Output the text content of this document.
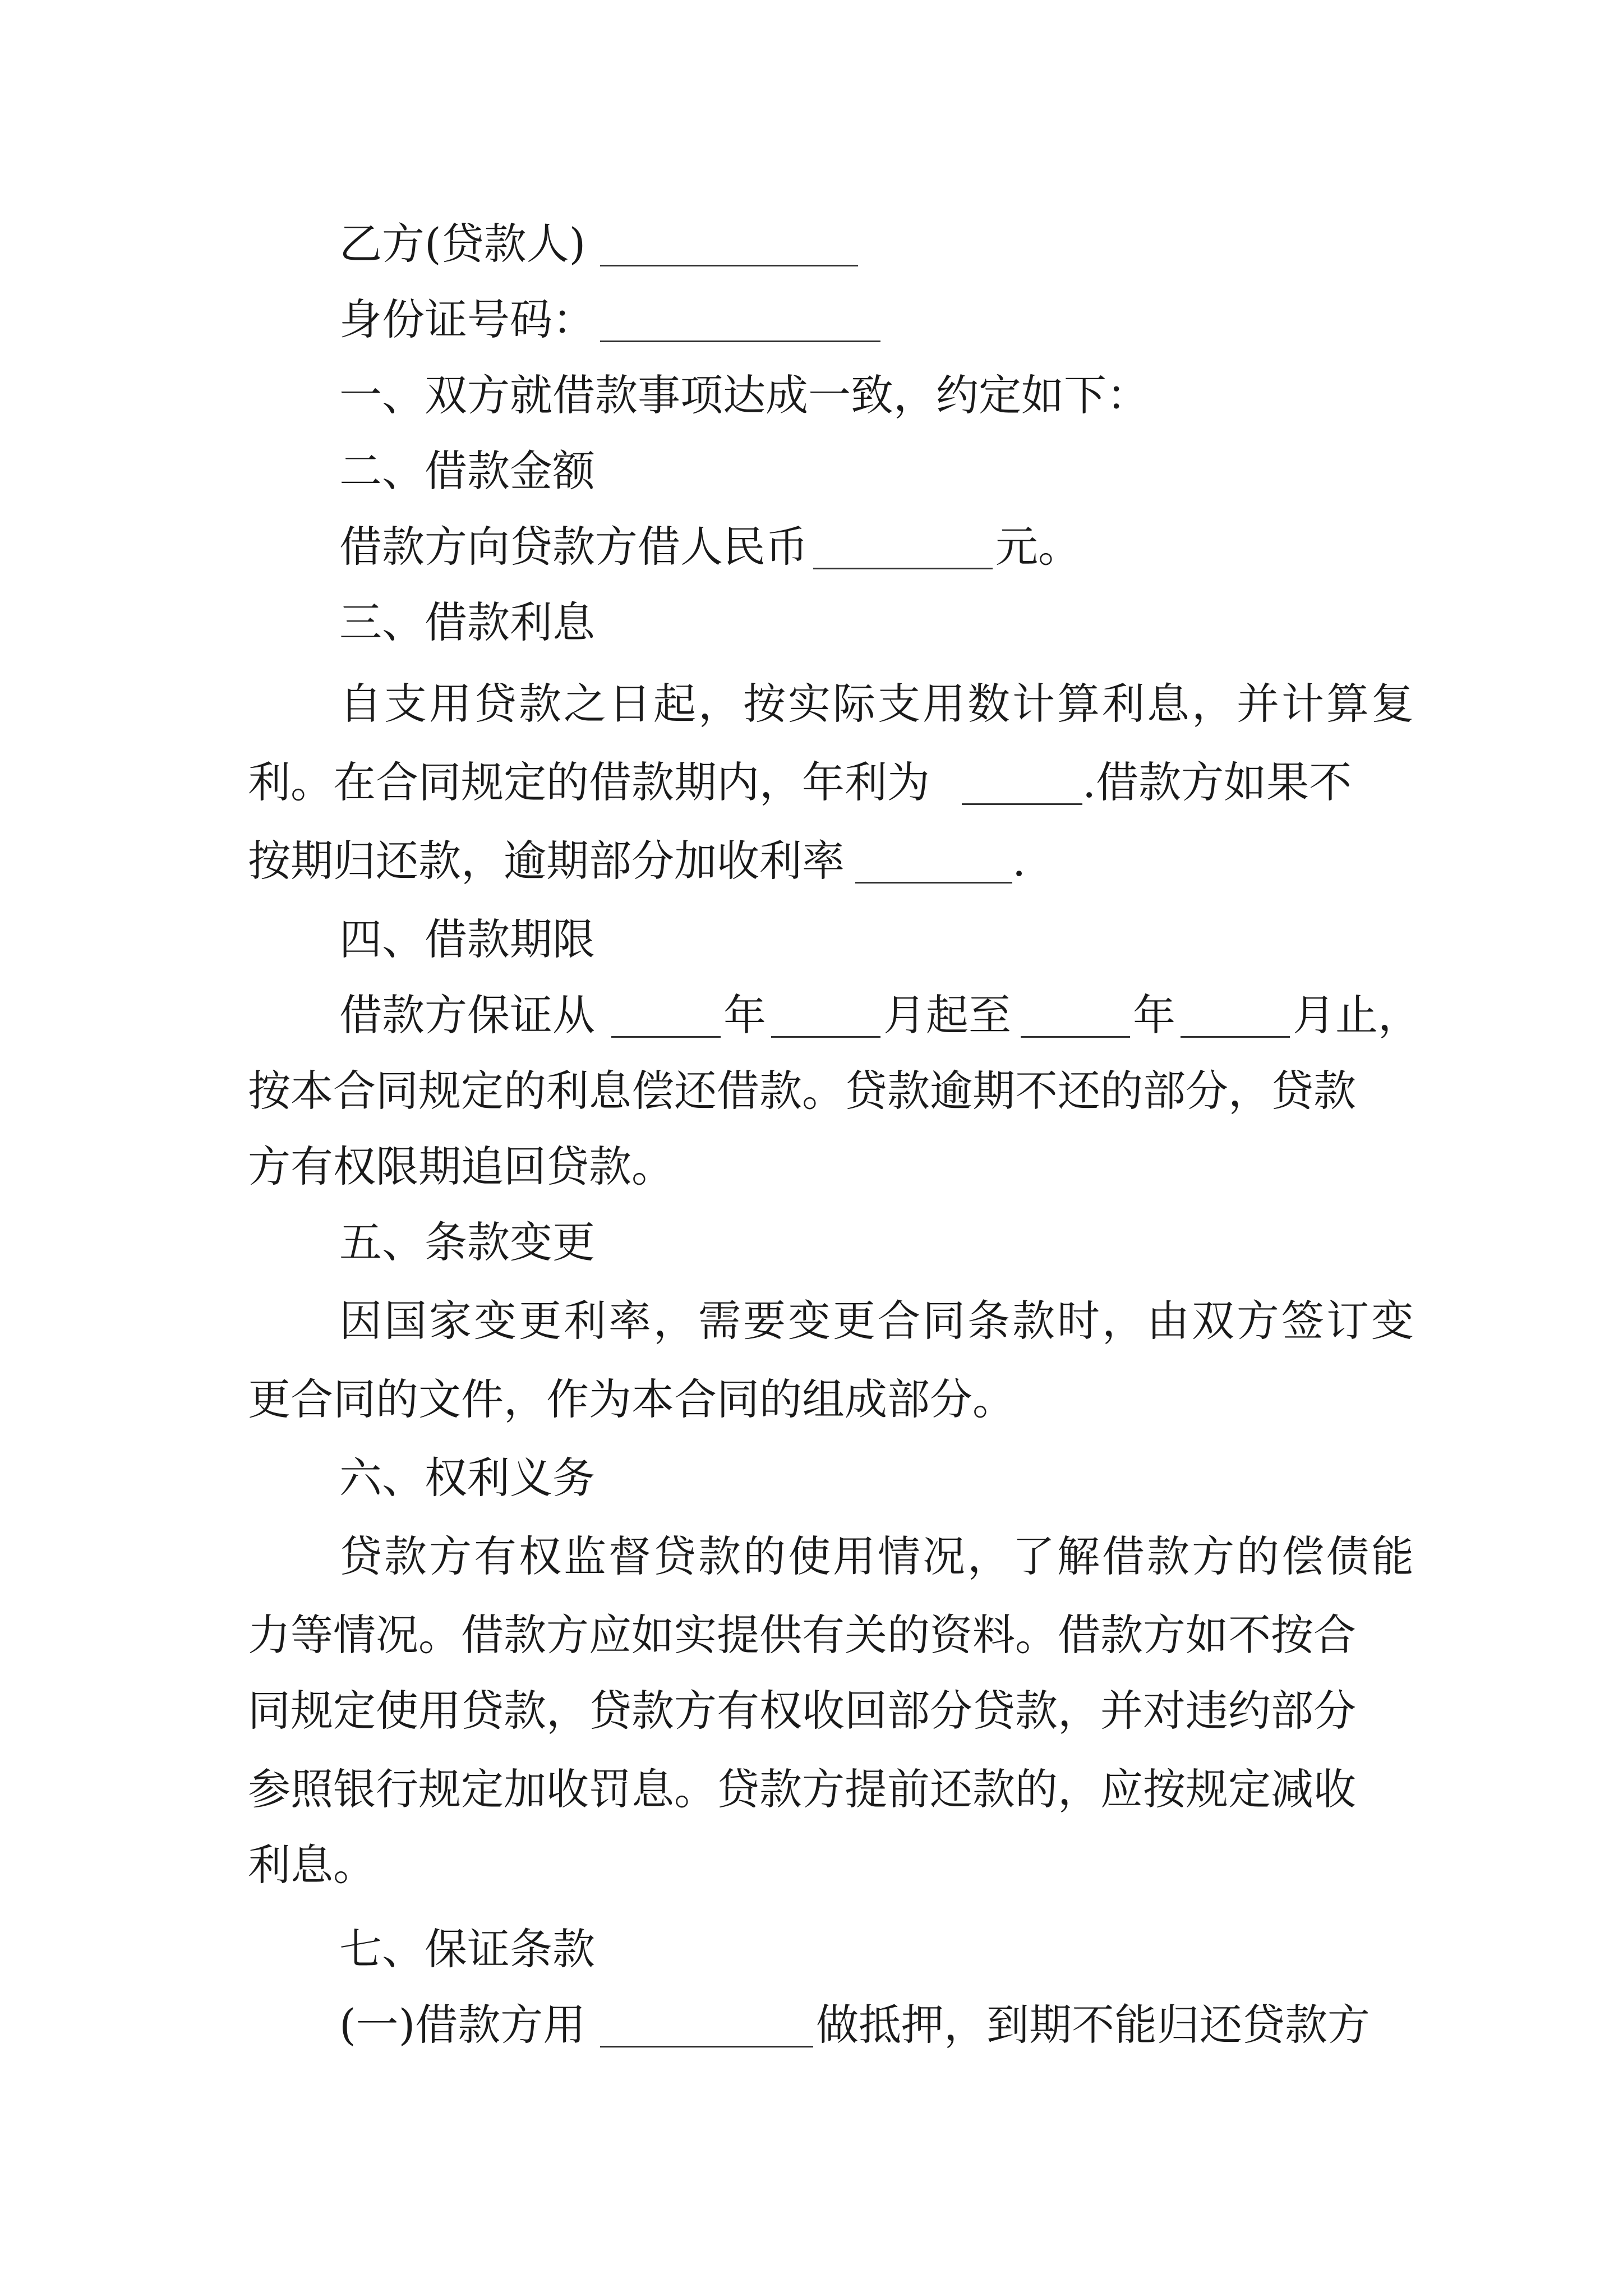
乙方(贷款人)
身份证号码：
一、双方就借款事项达成一致，约定如下：
二、借款金额
借款方向贷款方借人民币	元。
三、借款利息
自支用贷款之日起，按实际支用数计算利息，并计算复
利。在合同规定的借款期内，年利为	.借款方如果不
按期归还款，逾期部分加收利率	.
四、借款期限
借款方保证从	年	月起至	年	月止，
按本合同规定的利息偿还借款。贷款逾期不还的部分，贷款
方有权限期追回贷款。
五、条款变更
因国家变更利率，需要变更合同条款时，由双方签订变
更合同的文件，作为本合同的组成部分。
六、权利义务
贷款方有权监督贷款的使用情况，了解借款方的偿债能
力等情况。借款方应如实提供有关的资料。借款方如不按合
同规定使用贷款，贷款方有权收回部分贷款，并对违约部分
参照银行规定加收罚息。贷款方提前还款的，应按规定减收
利息。
七、保证条款
(一)借款方用	做抵押，到期不能归还贷款方
